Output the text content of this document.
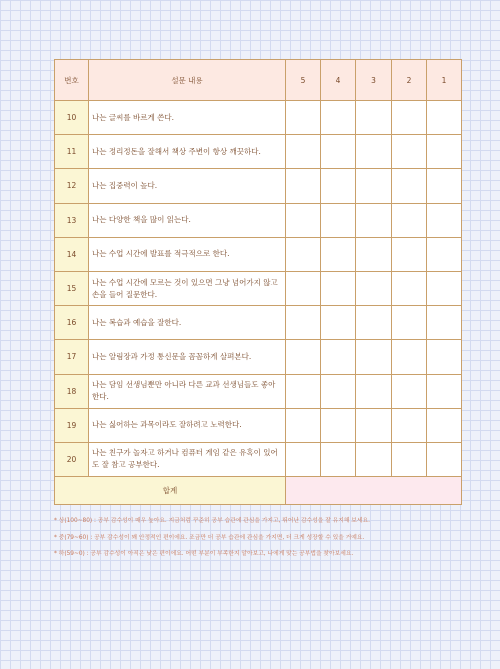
번호	설문 내용	5	4	3	2	1
10	나는 글씨를 바르게 쓴다.					
11	나는 정리정돈을 잘해서 책상 주변이 항상 깨끗하다.					
12	나는 집중력이 높다.					
13	나는 다양한 책을 많이 읽는다.					
14	나는 수업 시간에 발표를 적극적으로 한다.					
15	나는 수업 시간에 모르는 것이 있으면 그냥 넘어가지 않고 손을 들어 질문한다.					
16	나는 복습과 예습을 잘한다.					
17	나는 알림장과 가정 통신문을 꼼꼼하게 살펴본다.					
18	나는 담임 선생님뿐만 아니라 다른 교과 선생님들도 좋아한다.					
19	나는 싫어하는 과목이라도 잘하려고 노력한다.					
20	나는 친구가 놀자고 하거나 컴퓨터 게임 같은 유혹이 있어도 잘 참고 공부한다.					
합계						

* 상(100~80) : 공부 감수성이 매우 높아요. 지금처럼 꾸준히 공부 습관에 관심을 가지고, 뛰어난 감수성을 잘 유지해 보세요.

* 중(79~60) : 공부 감수성이 꽤 안정적인 편이에요. 조금만 더 공부 습관에 관심을 가지면, 더 크게 성장할 수 있을 거예요.

* 하(59~0) : 공부 감수성이 아직은 낮은 편이에요. 어떤 부분이 부족한지 알아보고, 나에게 맞는 공부법을 찾아보세요.
